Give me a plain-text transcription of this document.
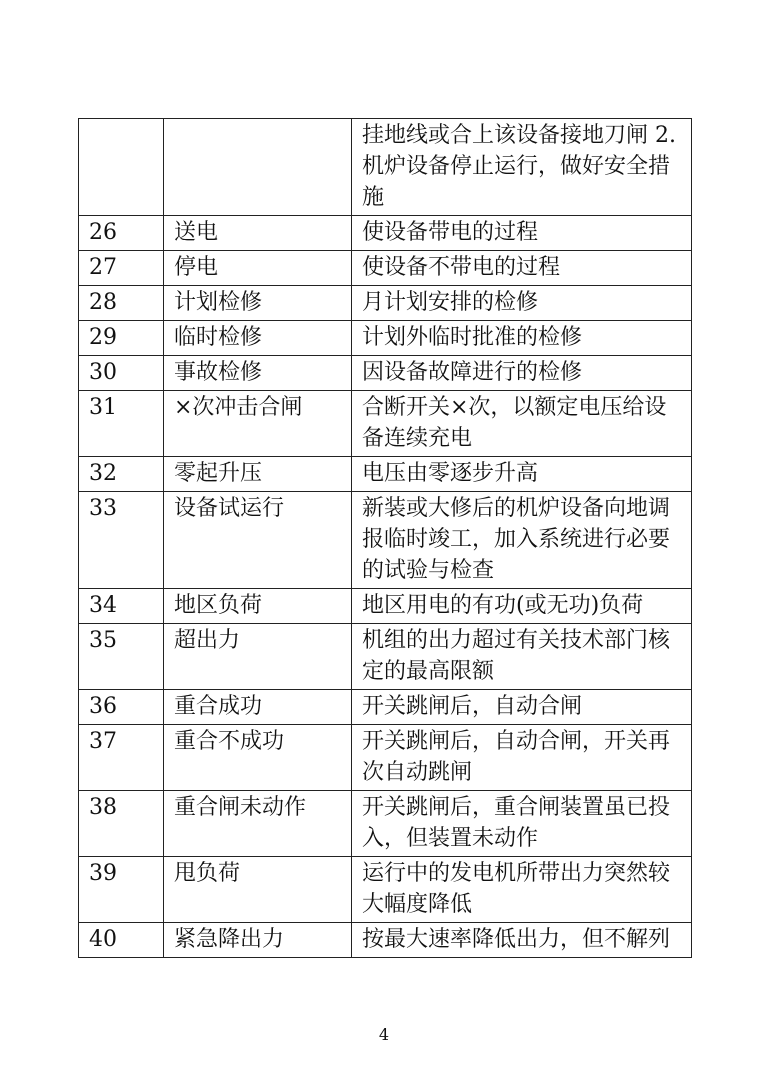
		挂地线或合上该设备接地刀闸 2. 机炉设备停止运行，做好安全措施
26	送电	使设备带电的过程
27	停电	使设备不带电的过程
28	计划检修	月计划安排的检修
29	临时检修	计划外临时批准的检修
30	事故检修	因设备故障进行的检修
31	×次冲击合闸	合断开关×次，以额定电压给设备连续充电
32	零起升压	电压由零逐步升高
33	设备试运行	新装或大修后的机炉设备向地调报临时竣工，加入系统进行必要的试验与检查
34	地区负荷	地区用电的有功(或无功)负荷
35	超出力	机组的出力超过有关技术部门核定的最高限额
36	重合成功	开关跳闸后，自动合闸
37	重合不成功	开关跳闸后，自动合闸，开关再次自动跳闸
38	重合闸未动作	开关跳闸后，重合闸装置虽已投入，但装置未动作
39	甩负荷	运行中的发电机所带出力突然较大幅度降低
40	紧急降出力	按最大速率降低出力，但不解列
4
